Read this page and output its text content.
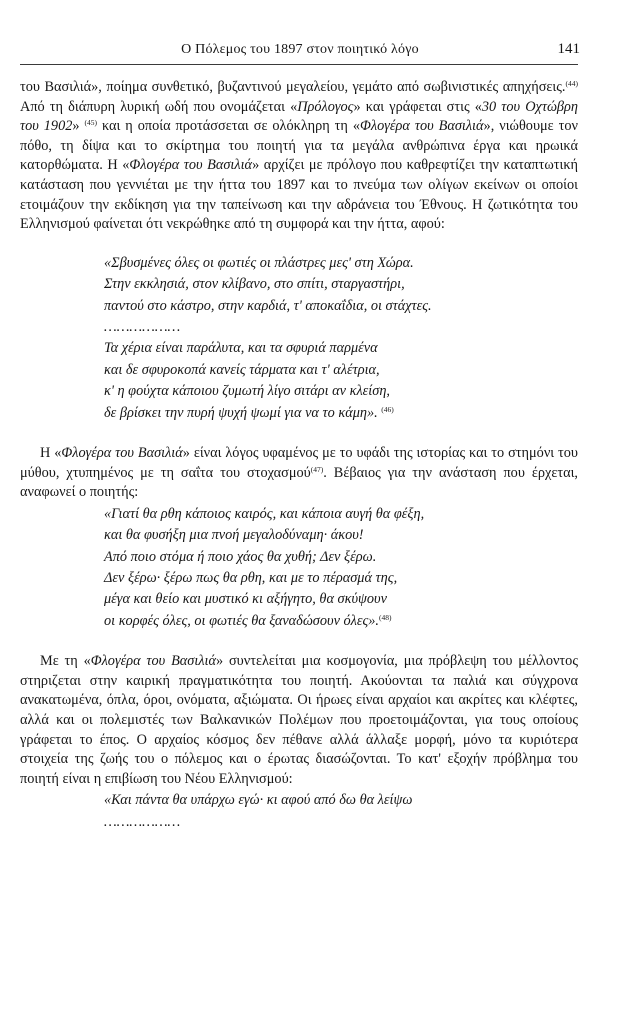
Ο Πόλεμος του 1897 στον ποιητικό λόγο	141

του Βασιλιά», ποίημα συνθετικό, βυζαντινού μεγαλείου, γεμάτο από σωβινιστικές απηχήσεις.$^{(44)}$ Από τη διάπυρη λυρική ωδή που ονομάζεται «Πρόλογος» και γράφεται στις «30 του Οχτώβρη του 1902» $^{(45)}$ και η οποία προτάσσεται σε ολόκληρη τη «Φλογέρα του Βασιλιά», νιώθουμε τον πόθο, τη δίψα και το σκίρτημα του ποιητή για τα μεγάλα ανθρώπινα έργα και ηρωικά κατορθώματα. Η «Φλογέρα του Βασιλιά» αρχίζει με πρόλογο που καθρεφτίζει την καταπτωτική κατάσταση που γεννιέται με την ήττα του 1897 και το πνεύμα των ολίγων εκείνων οι οποίοι ετοιμάζουν την εκδίκηση για την ταπείνωση και την αδράνεια του Έθνους. Η ζωτικότητα του Ελληνισμού φαίνεται ότι νεκρώθηκε από τη συμφορά και την ήττα, αφού:

«Σβυσμένες όλες οι φωτιές οι πλάστρες μες' στη Χώρα.
Στην εκκλησιά, στον κλίβανο, στο σπίτι, σταργαστήρι,
παντού στο κάστρο, στην καρδιά, τ' αποκαΐδια, οι στάχτες.
………………
Τα χέρια είναι παράλυτα, και τα σφυριά παρμένα
και δε σφυροκοπά κανείς τάρματα και τ' αλέτρια,
κ' η φούχτα κάποιου ζυμωτή λίγο σιτάρι αν κλείση,
δε βρίσκει την πυρή ψυχή ψωμί για να το κάμη». $^{(46)}$

Η «Φλογέρα του Βασιλιά» είναι λόγος υφαμένος με το υφάδι της ιστορίας και το στημόνι του μύθου, χτυπημένος με τη σαΐτα του στοχασμού$^{(47)}$. Βέβαιος για την ανάσταση που έρχεται, αναφωνεί ο ποιητής:

«Γιατί θα ρθη κάποιος καιρός, και κάποια αυγή θα φέξη,
και θα φυσήξη μια πνοή μεγαλοδύναμη· άκου!
Από ποιο στόμα ή ποιο χάος θα χυθή; Δεν ξέρω.
Δεν ξέρω· ξέρω πως θα ρθη, και με το πέρασμά της,
μέγα και θείο και μυστικό κι αξήγητο, θα σκύψουν
οι κορφές όλες, οι φωτιές θα ξαναδώσουν όλες».$^{(48)}$

Με τη «Φλογέρα του Βασιλιά» συντελείται μια κοσμογονία, μια πρόβλεψη του μέλλοντος στηριζεται στην καιρική πραγματικότητα του ποιητή. Ακούονται τα παλιά και σύγχρονα ανακατωμένα, όπλα, όροι, ονόματα, αξιώματα. Οι ήρωες είναι αρχαίοι και ακρίτες και κλέφτες, αλλά και οι πολεμιστές των Βαλκανικών Πολέμων που προετοιμάζονται, για τους οποίους γράφεται το έπος. Ο αρχαίος κόσμος δεν πέθανε αλλά άλλαξε μορφή, μόνο τα κυριότερα στοιχεία της ζωής του ο πόλεμος και ο έρωτας διασώζονται. Το κατ' εξοχήν πρόβλημα του ποιητή είναι η επιβίωση του Νέου Ελληνισμού:

«Και πάντα θα υπάρχω εγώ· κι αφού από δω θα λείψω
………………
